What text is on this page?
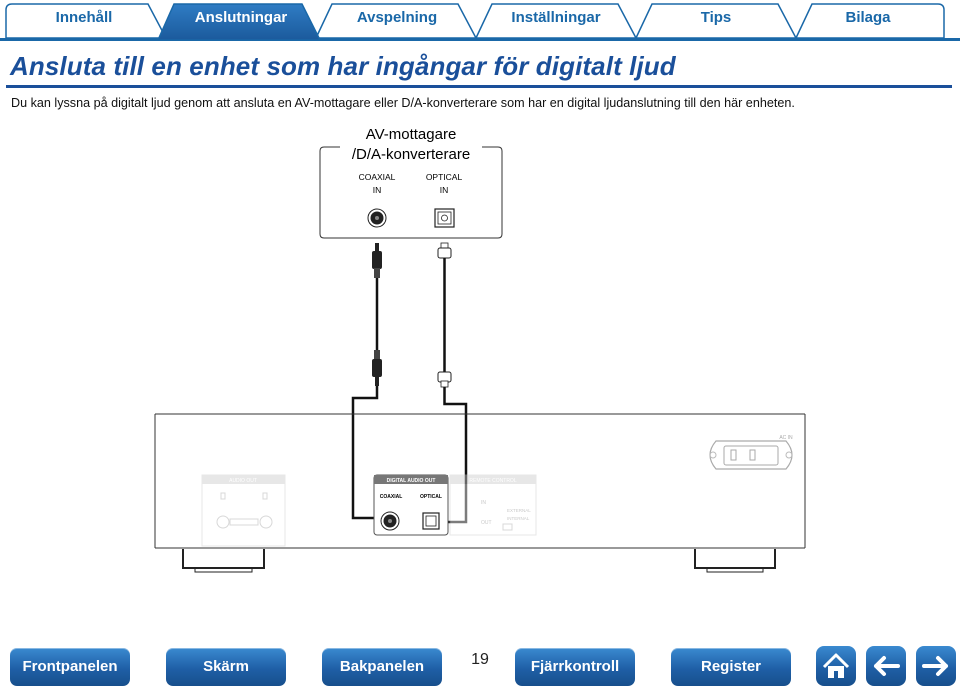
Innehåll	Anslutningar	Avspelning	Inställningar	Tips	Bilaga
Ansluta till en enhet som har ingångar för digitalt ljud
Du kan lyssna på digitalt ljud genom att ansluta en AV-mottagare eller D/A-konverterare som har en digital ljudanslutning till den här enheten.
AV-mottagare
/D/A-konverterare
COAXIAL
IN
OPTICAL
IN
AC IN
AUDIO OUT	DIGITAL AUDIO OUT
COAXIAL	OPTICAL
REMOTE CONTROL
IN
OUT
EXTERNAL
INTERNAL
Frontpanelen	Skärm	Bakpanelen	19	Fjärrkontroll	Register
